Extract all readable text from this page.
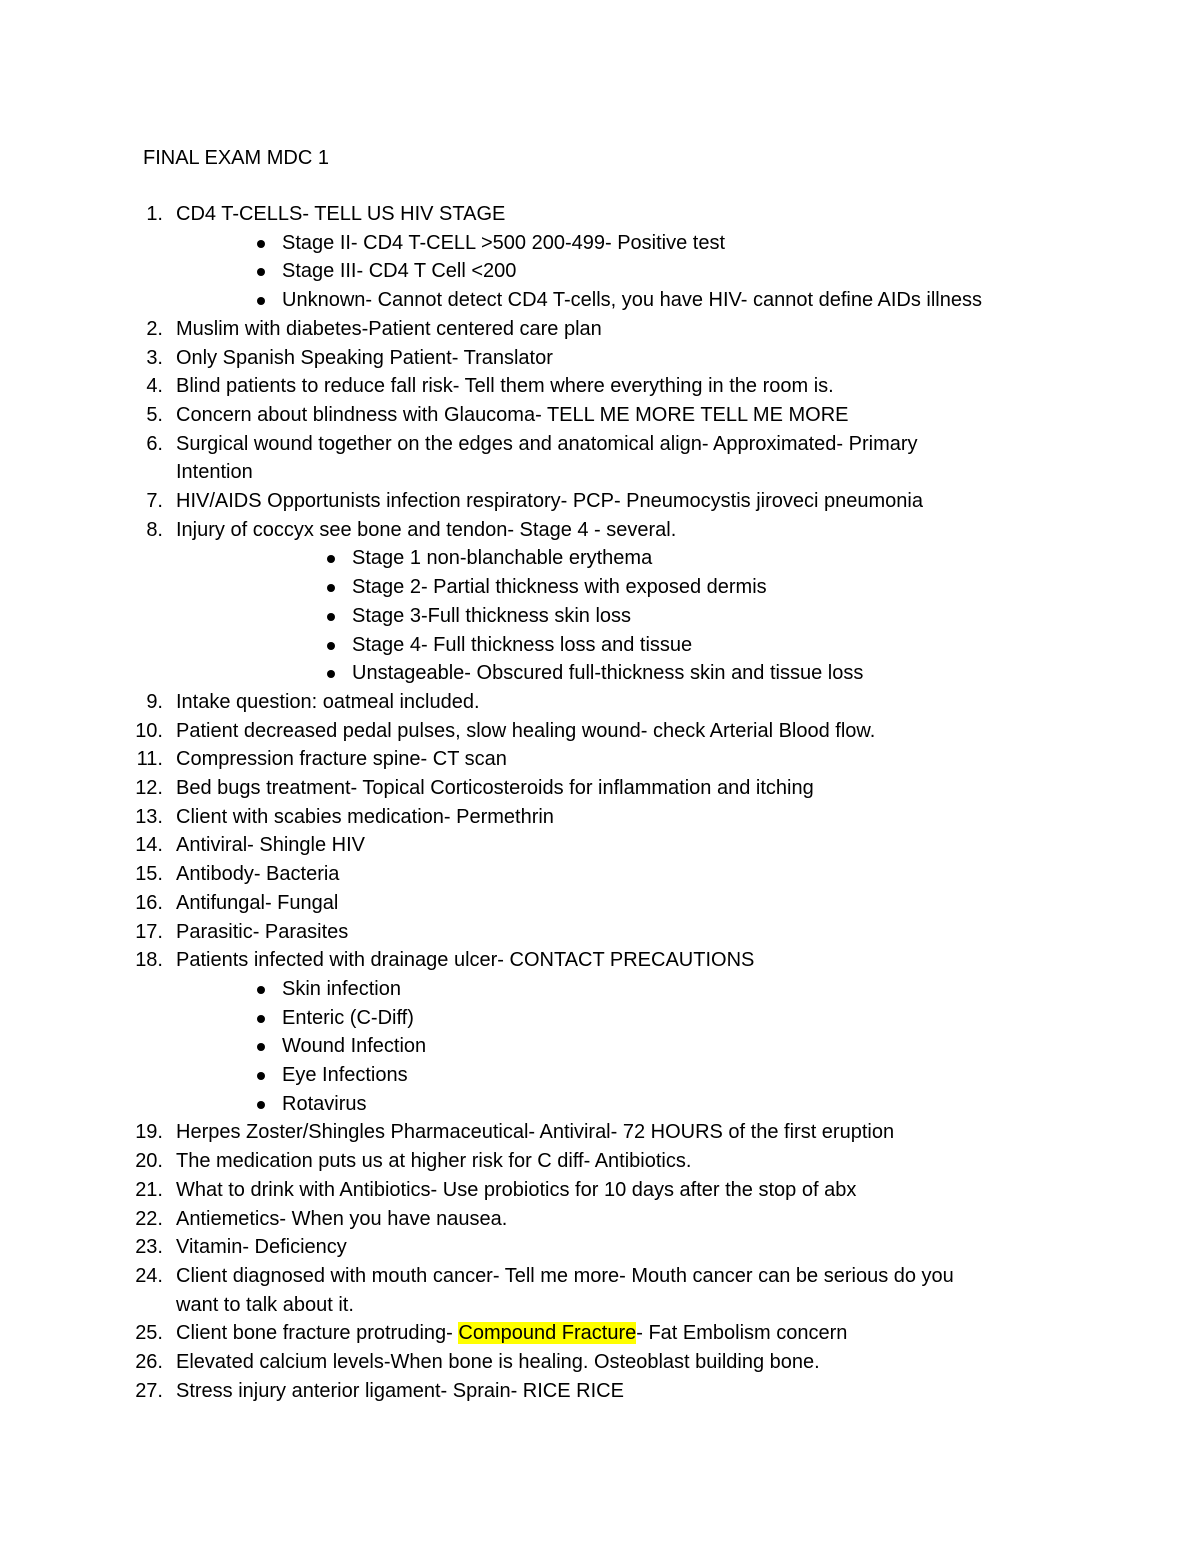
FINAL EXAM MDC 1
1. CD4 T-CELLS- TELL US HIV STAGE
Stage II- CD4 T-CELL >500 200-499- Positive test
Stage III- CD4 T Cell <200
Unknown- Cannot detect CD4 T-cells, you have HIV- cannot define AIDs illness
2. Muslim with diabetes-Patient centered care plan
3. Only Spanish Speaking Patient- Translator
4. Blind patients to reduce fall risk- Tell them where everything in the room is.
5. Concern about blindness with Glaucoma- TELL ME MORE TELL ME MORE
6. Surgical wound together on the edges and anatomical align- Approximated- Primary
Intention
7. HIV/AIDS Opportunists infection respiratory- PCP- Pneumocystis jiroveci pneumonia
8. Injury of coccyx see bone and tendon- Stage 4 - several.
Stage 1 non-blanchable erythema
Stage 2- Partial thickness with exposed dermis
Stage 3-Full thickness skin loss
Stage 4- Full thickness loss and tissue
Unstageable- Obscured full-thickness skin and tissue loss
9. Intake question: oatmeal included.
10. Patient decreased pedal pulses, slow healing wound- check Arterial Blood flow.
11. Compression fracture spine- CT scan
12. Bed bugs treatment- Topical Corticosteroids for inflammation and itching
13. Client with scabies medication- Permethrin
14. Antiviral- Shingle HIV
15. Antibody- Bacteria
16. Antifungal- Fungal
17. Parasitic- Parasites
18. Patients infected with drainage ulcer- CONTACT PRECAUTIONS
Skin infection
Enteric (C-Diff)
Wound Infection
Eye Infections
Rotavirus
19. Herpes Zoster/Shingles Pharmaceutical- Antiviral- 72 HOURS of the first eruption
20. The medication puts us at higher risk for C diff- Antibiotics.
21. What to drink with Antibiotics- Use probiotics for 10 days after the stop of abx
22. Antiemetics- When you have nausea.
23. Vitamin- Deficiency
24. Client diagnosed with mouth cancer- Tell me more- Mouth cancer can be serious do you
want to talk about it.
25. Client bone fracture protruding- Compound Fracture- Fat Embolism concern
26. Elevated calcium levels-When bone is healing. Osteoblast building bone.
27. Stress injury anterior ligament- Sprain- RICE RICE
